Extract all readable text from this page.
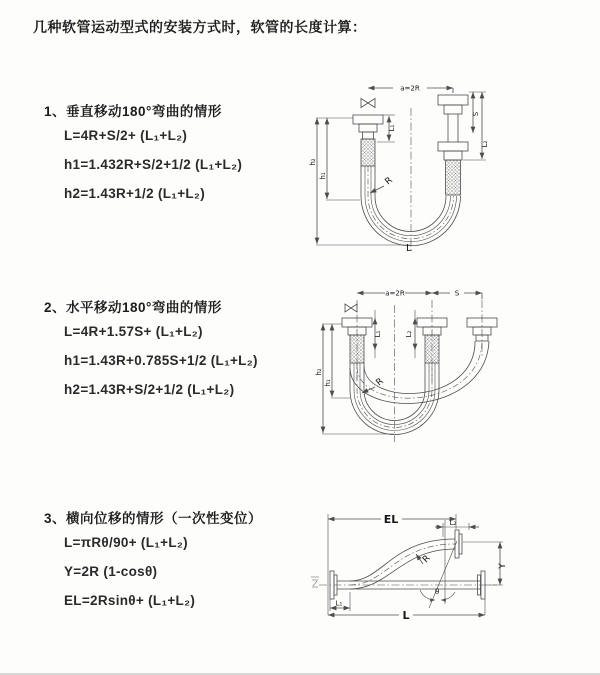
几种软管运动型式的安装方式时，软管的长度计算：
1、垂直移动180°弯曲的情形
L=4R+S/2+ (L₁+L₂)
h1=1.432R+S/2+1/2 (L₁+L₂)
h2=1.43R+1/2 (L₁+L₂)
2、水平移动180°弯曲的情形
L=4R+1.57S+ (L₁+L₂)
h1=1.43R+0.785S+1/2 (L₁+L₂)
h2=1.43R+S/2+1/2 (L₁+L₂)
3、横向位移的情形（一次性变位）
L=πRθ/90+ (L₁+L₂)
Y=2R (1-cosθ)
EL=2Rsinθ+ (L₁+L₂)
a=2R
L₁
S
L₂
h₂
h₁	R
L
a=2R	S
h₂
h₁
L₁	L₂
R
EL	L₂
Y
θ
R
L₁
L
